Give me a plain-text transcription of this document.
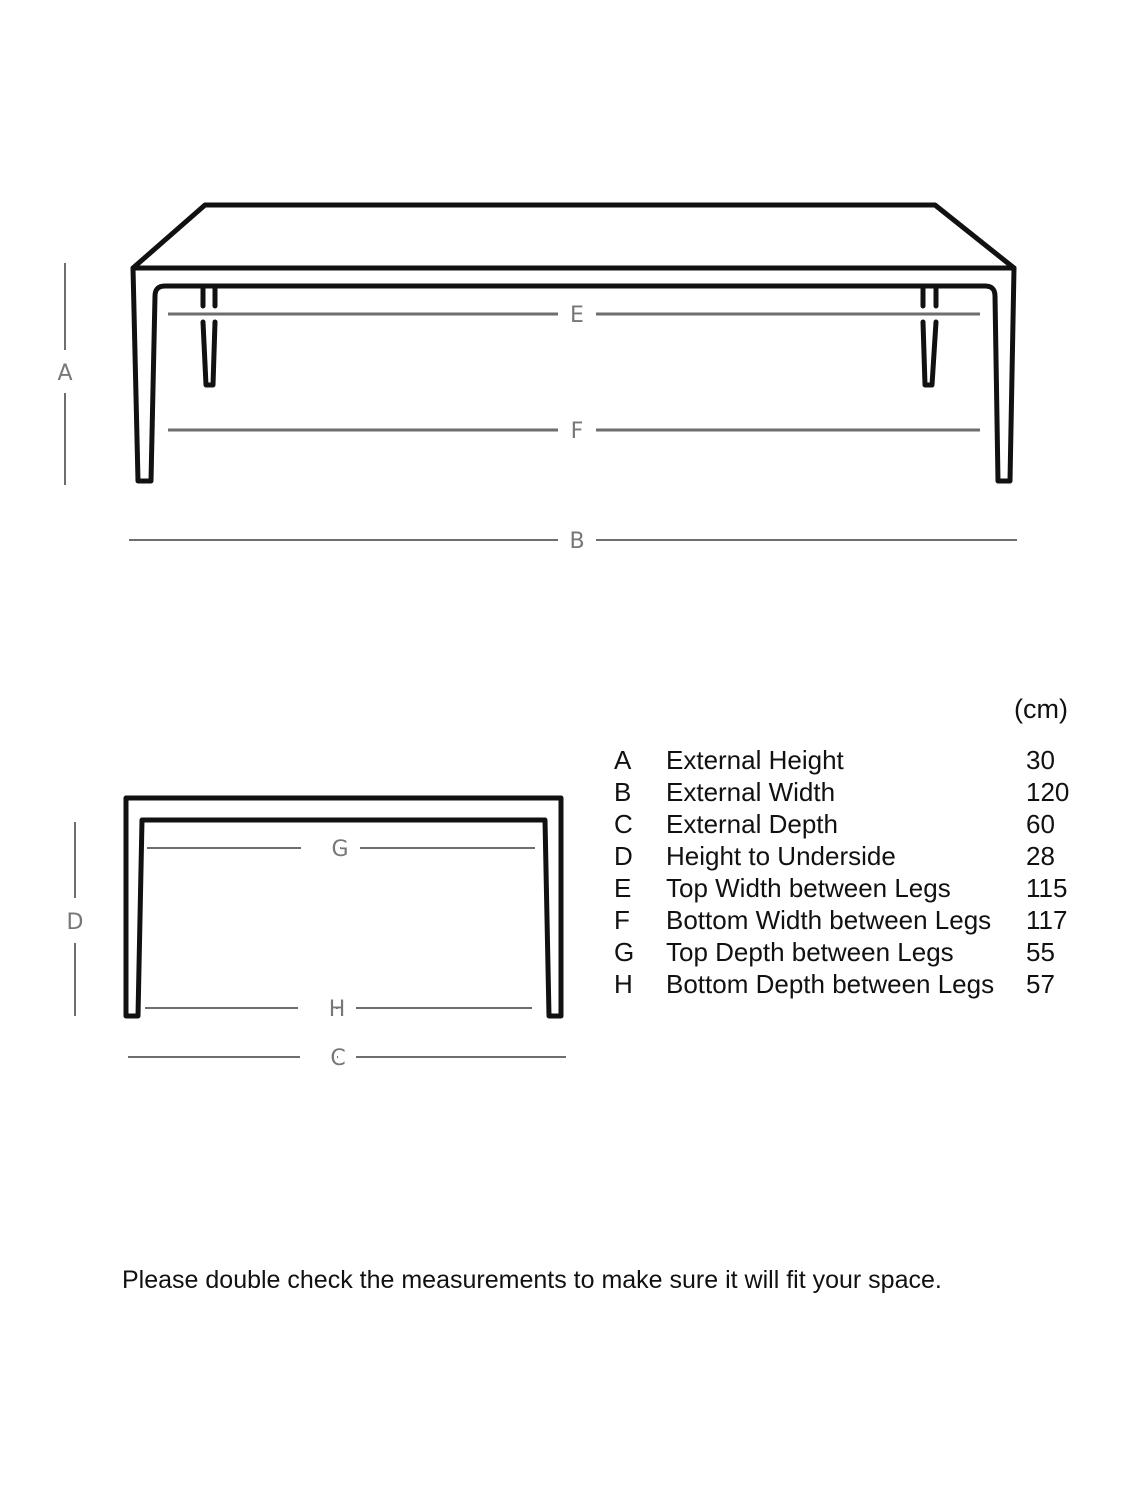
E
F
B
A
G
H
C
D
(cm)
A	External Height	30
B	External Width	120
C	External Depth	60
D	Height to Underside	28
E	Top Width between Legs	115
F	Bottom Width between Legs	117
G	Top Depth between Legs	55
H	Bottom Depth between Legs	57
Please double check the measurements to make sure it will fit your space.
